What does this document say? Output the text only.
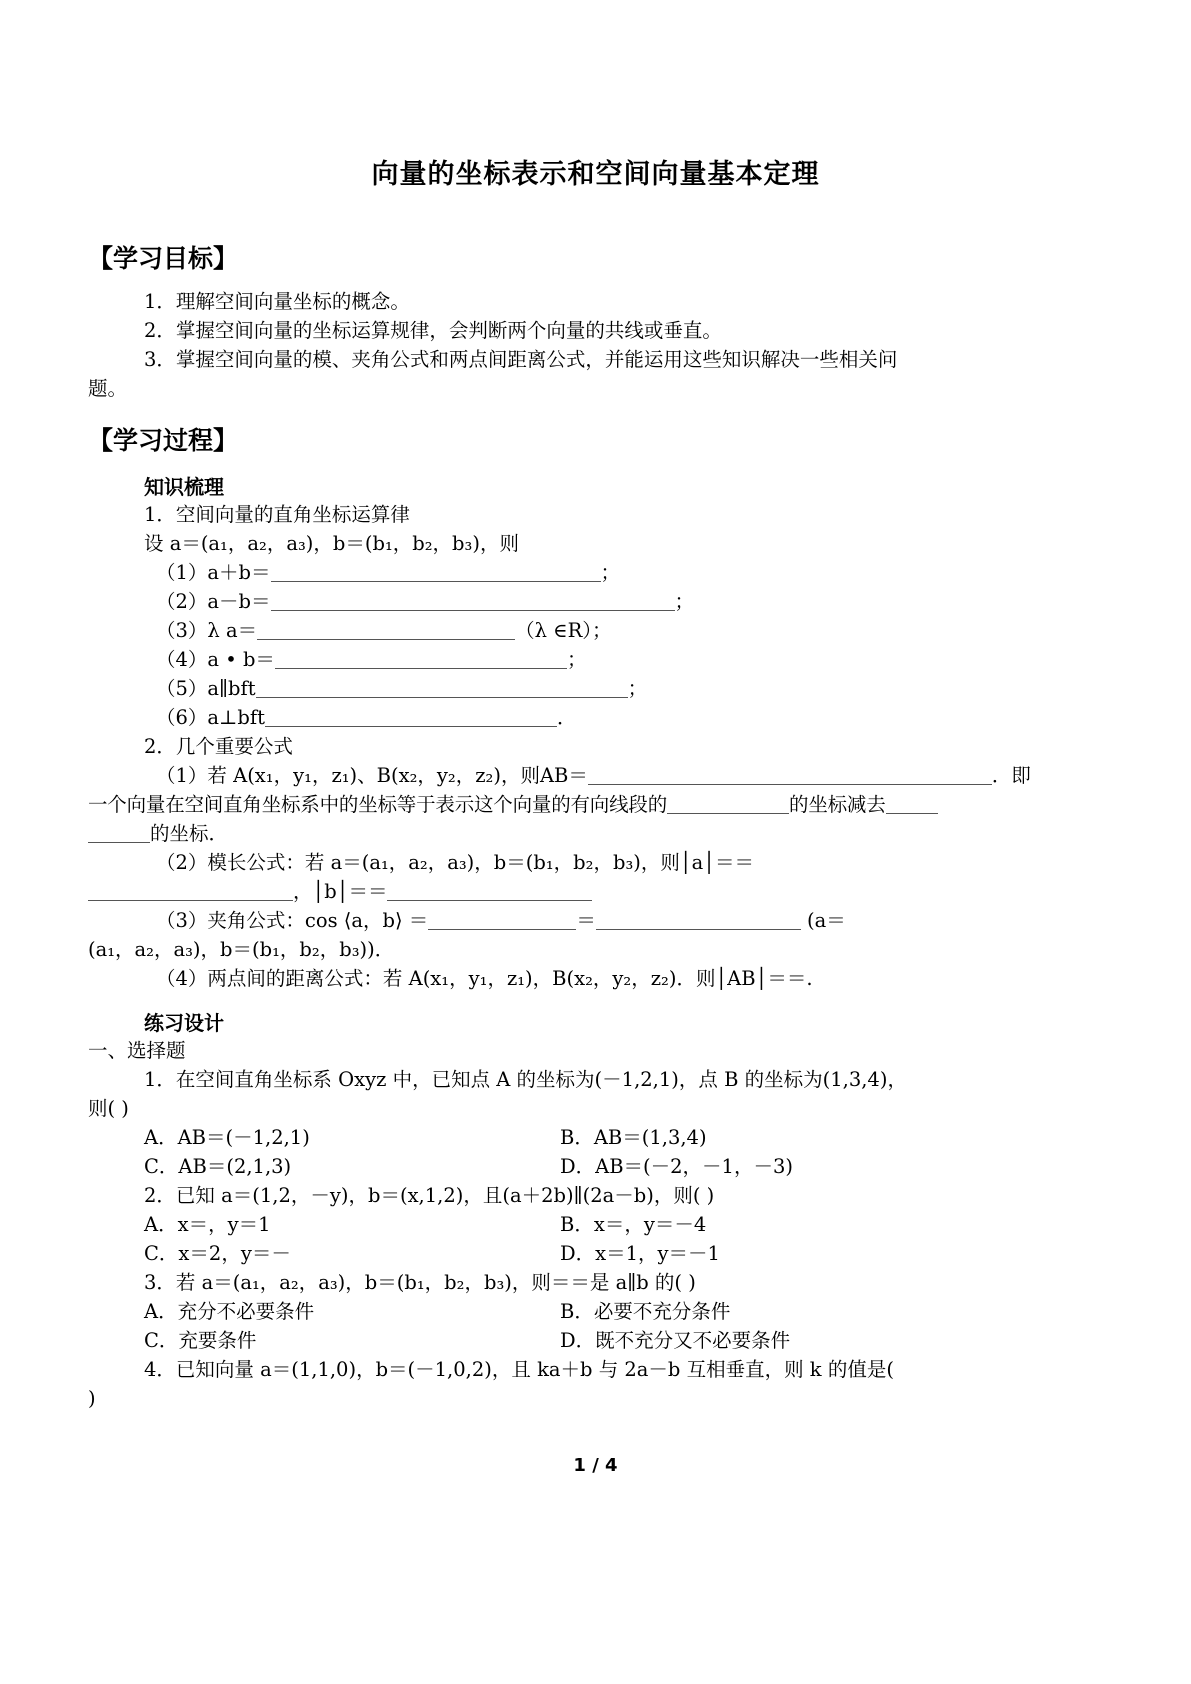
向量的坐标表示和空间向量基本定理
【学习目标】

1．理解空间向量坐标的概念。

2．掌握空间向量的坐标运算规律，会判断两个向量的共线或垂直。

3．掌握空间向量的模、夹角公式和两点间距离公式，并能运用这些知识解决一些相关问

题。

【学习过程】
知识梳理

1．空间向量的直角坐标运算律

设 a＝(a₁，a₂，a₃)，b＝(b₁，b₂，b₃)，则

（1）a＋b＝	；

（2）a－b＝	；

（3）λ a＝	（λ ∈R）；

（4）a • b＝	；

（5）a∥bft	；

（6）a⊥bft	．

2．几个重要公式

（1）若 A(x₁，y₁，z₁)、B(x₂，y₂，z₂)，则AB＝	．即

一个向量在空间直角坐标系中的坐标等于表示这个向量的有向线段的	的坐标减去

的坐标．

（2）模长公式：若 a＝(a₁，a₂，a₃)，b＝(b₁，b₂，b₃)，则│a│＝＝

，│b│＝＝

（3）夹角公式：cos ⟨a，b⟩ ＝	＝	(a＝

(a₁，a₂，a₃)，b＝(b₁，b₂，b₃))．

（4）两点间的距离公式：若 A(x₁，y₁，z₁)，B(x₂，y₂，z₂)．则│AB│＝＝.

练习设计

一、选择题

1．在空间直角坐标系 Oxyz 中，已知点 A 的坐标为(－1,2,1)，点 B 的坐标为(1,3,4)，

则( )

A．AB＝(－1,2,1)	B．AB＝(1,3,4)
C．AB＝(2,1,3)	D．AB＝(－2，－1，－3)

2．已知 a＝(1,2，－y)，b＝(x,1,2)，且(a＋2b)∥(2a－b)，则( )

A．x＝，y＝1	B．x＝，y＝－4
C．x＝2，y＝－	D．x＝1，y＝－1

3．若 a＝(a₁，a₂，a₃)，b＝(b₁，b₂，b₃)，则＝＝是 a∥b 的( )

A．充分不必要条件	B．必要不充分条件
C．充要条件	D．既不充分又不必要条件

4．已知向量 a＝(1,1,0)，b＝(－1,0,2)，且 ka＋b 与 2a－b 互相垂直，则 k 的值是(

)

1 / 4
